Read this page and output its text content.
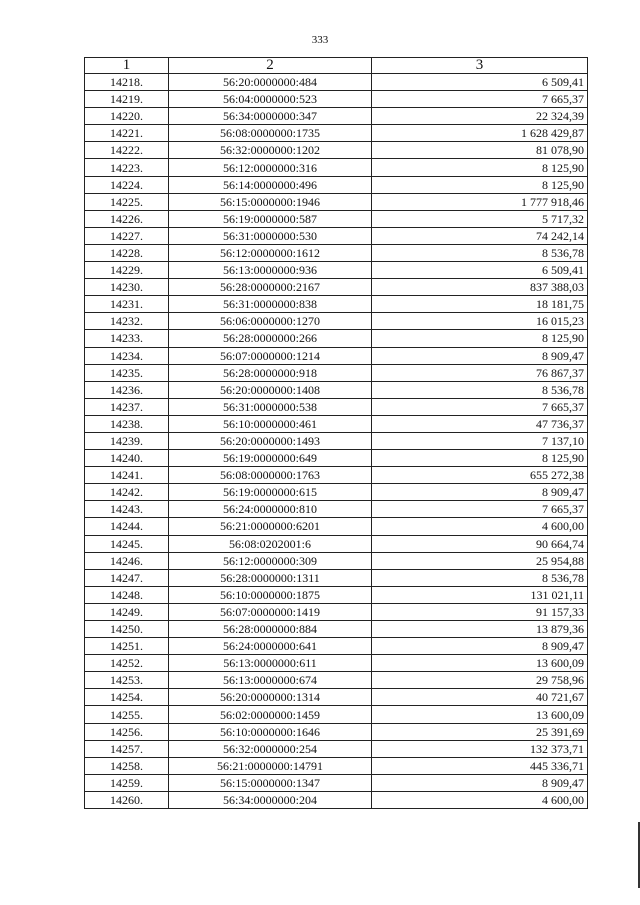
333
1	2	3
14218.	56:20:0000000:484	6 509,41
14219.	56:04:0000000:523	7 665,37
14220.	56:34:0000000:347	22 324,39
14221.	56:08:0000000:1735	1 628 429,87
14222.	56:32:0000000:1202	81 078,90
14223.	56:12:0000000:316	8 125,90
14224.	56:14:0000000:496	8 125,90
14225.	56:15:0000000:1946	1 777 918,46
14226.	56:19:0000000:587	5 717,32
14227.	56:31:0000000:530	74 242,14
14228.	56:12:0000000:1612	8 536,78
14229.	56:13:0000000:936	6 509,41
14230.	56:28:0000000:2167	837 388,03
14231.	56:31:0000000:838	18 181,75
14232.	56:06:0000000:1270	16 015,23
14233.	56:28:0000000:266	8 125,90
14234.	56:07:0000000:1214	8 909,47
14235.	56:28:0000000:918	76 867,37
14236.	56:20:0000000:1408	8 536,78
14237.	56:31:0000000:538	7 665,37
14238.	56:10:0000000:461	47 736,37
14239.	56:20:0000000:1493	7 137,10
14240.	56:19:0000000:649	8 125,90
14241.	56:08:0000000:1763	655 272,38
14242.	56:19:0000000:615	8 909,47
14243.	56:24:0000000:810	7 665,37
14244.	56:21:0000000:6201	4 600,00
14245.	56:08:0202001:6	90 664,74
14246.	56:12:0000000:309	25 954,88
14247.	56:28:0000000:1311	8 536,78
14248.	56:10:0000000:1875	131 021,11
14249.	56:07:0000000:1419	91 157,33
14250.	56:28:0000000:884	13 879,36
14251.	56:24:0000000:641	8 909,47
14252.	56:13:0000000:611	13 600,09
14253.	56:13:0000000:674	29 758,96
14254.	56:20:0000000:1314	40 721,67
14255.	56:02:0000000:1459	13 600,09
14256.	56:10:0000000:1646	25 391,69
14257.	56:32:0000000:254	132 373,71
14258.	56:21:0000000:14791	445 336,71
14259.	56:15:0000000:1347	8 909,47
14260.	56:34:0000000:204	4 600,00
